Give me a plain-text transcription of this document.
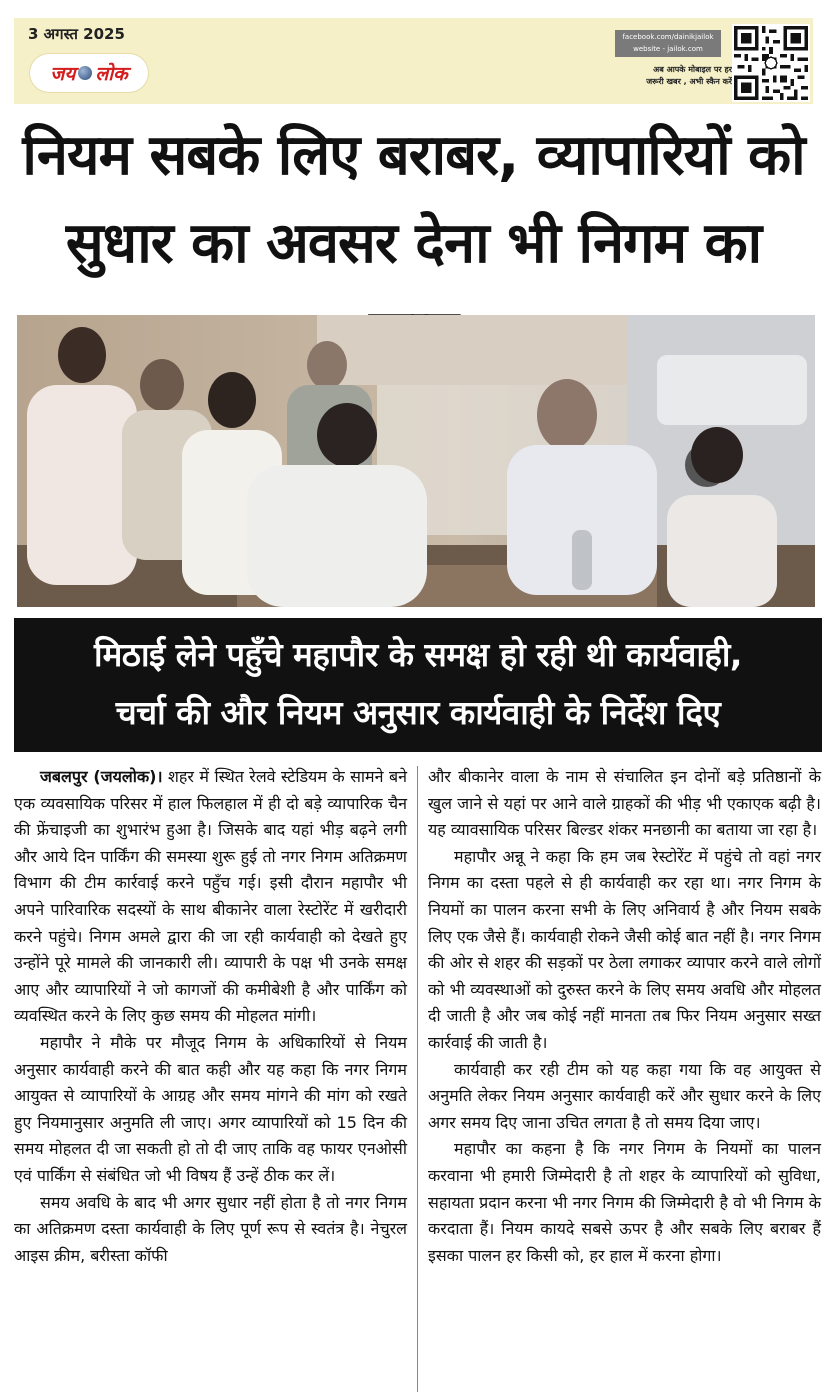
3 अगस्त 2025
जय लोक
facebook.com/dainikjailok
website - jailok.com
अब आपके मोबाइल पर हर
जरूरी खबर , अभी स्कैन करें
नियम सबके लिए बराबर, व्यापारियों को
सुधार का अवसर देना भी निगम का
मिठाई लेने पहुँचे महापौर के समक्ष हो रही थी कार्यवाही,
चर्चा की और नियम अनुसार कार्यवाही के निर्देश दिए

जबलपुर (जयलोक)। शहर में स्थित रेलवे स्टेडियम के सामने बने एक व्यवसायिक परिसर में हाल फिलहाल में ही दो बड़े व्यापारिक चैन की फ्रेंचाइजी का शुभारंभ हुआ है। जिसके बाद यहां भीड़ बढ़ने लगी और आये दिन पार्किंग की समस्या शुरू हुई तो नगर निगम अतिक्रमण विभाग की टीम कार्रवाई करने पहुँच गई। इसी दौरान महापौर भी अपने पारिवारिक सदस्यों के साथ बीकानेर वाला रेस्टोरेंट में खरीदारी करने पहुंचे। निगम अमले द्वारा की जा रही कार्यवाही को देखते हुए उन्होंने पूरे मामले की जानकारी ली। व्यापारी के पक्ष भी उनके समक्ष आए और व्यापारियों ने जो कागजों की कमीबेशी है और पार्किंग को व्यवस्थित करने के लिए कुछ समय की मोहलत मांगी।

महापौर ने मौके पर मौजूद निगम के अधिकारियों से नियम अनुसार कार्यवाही करने की बात कही और यह कहा कि नगर निगम आयुक्त से व्यापारियों के आग्रह और समय मांगने की मांग को रखते हुए नियमानुसार अनुमति ली जाए। अगर व्यापारियों को 15 दिन की समय मोहलत दी जा सकती हो तो दी जाए ताकि वह फायर एनओसी एवं पार्किंग से संबंधित जो भी विषय हैं उन्हें ठीक कर लें।

समय अवधि के बाद भी अगर सुधार नहीं होता है तो नगर निगम का अतिक्रमण दस्ता कार्यवाही के लिए पूर्ण रूप से स्वतंत्र है। नेचुरल आइस क्रीम, बरीस्ता कॉफी

और बीकानेर वाला के नाम से संचालित इन दोनों बड़े प्रतिष्ठानों के खुल जाने से यहां पर आने वाले ग्राहकों की भीड़ भी एकाएक बढ़ी है। यह व्यावसायिक परिसर बिल्डर शंकर मनछानी का बताया जा रहा है।

महापौर अन्नू ने कहा कि हम जब रेस्टोरेंट में पहुंचे तो वहां नगर निगम का दस्ता पहले से ही कार्यवाही कर रहा था। नगर निगम के नियमों का पालन करना सभी के लिए अनिवार्य है और नियम सबके लिए एक जैसे हैं। कार्यवाही रोकने जैसी कोई बात नहीं है। नगर निगम की ओर से शहर की सड़कों पर ठेला लगाकर व्यापार करने वाले लोगों को भी व्यवस्थाओं को दुरुस्त करने के लिए समय अवधि और मोहलत दी जाती है और जब कोई नहीं मानता तब फिर नियम अनुसार सख्त कार्रवाई की जाती है।

कार्यवाही कर रही टीम को यह कहा गया कि वह आयुक्त से अनुमति लेकर नियम अनुसार कार्यवाही करें और सुधार करने के लिए अगर समय दिए जाना उचित लगता है तो समय दिया जाए।

महापौर का कहना है कि नगर निगम के नियमों का पालन करवाना भी हमारी जिम्मेदारी है तो शहर के व्यापारियों को सुविधा, सहायता प्रदान करना भी नगर निगम की जिम्मेदारी है वो भी निगम के करदाता हैं। नियम कायदे सबसे ऊपर है और सबके लिए बराबर हैं इसका पालन हर किसी को, हर हाल में करना होगा।
